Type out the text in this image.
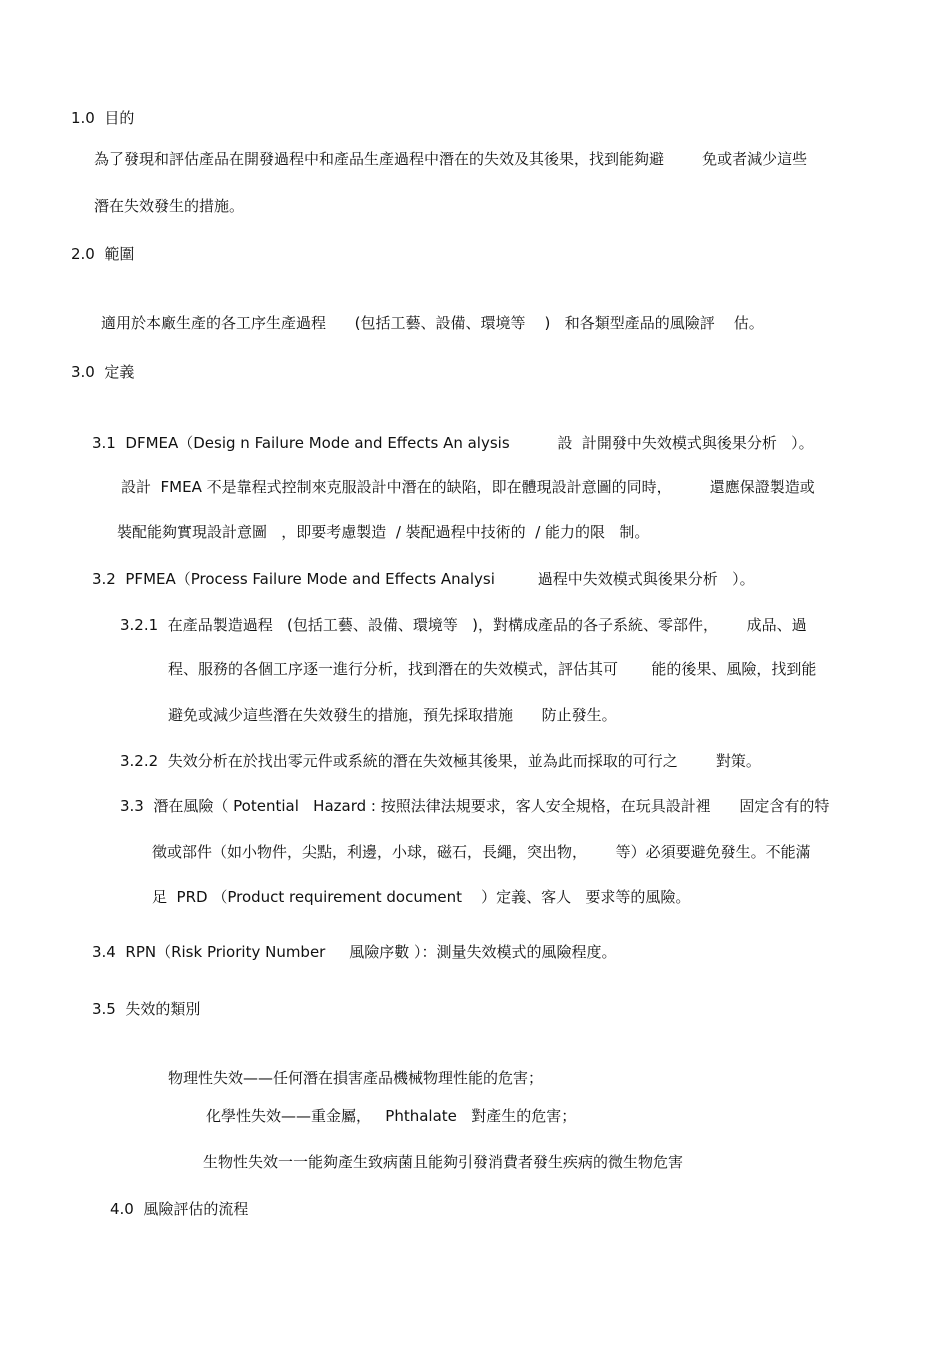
1.0  目的
為了發現和評估產品在開發過程中和產品生產過程中潛在的失效及其後果，找到能夠避        免或者減少這些
潛在失效發生的措施。
2.0  範圍
適用於本廠生產的各工序生產過程      (包括工藝、設備、環境等    )   和各類型產品的風險評    估。
3.0  定義
3.1  DFMEA（Desig n Failure Mode and Effects An alysis          設  計開發中失效模式與後果分析   ）。
設計  FMEA 不是靠程式控制來克服設計中潛在的缺陷，即在體現設計意圖的同時，        還應保證製造或
裝配能夠實現設計意圖   ，即要考慮製造  / 裝配過程中技術的  / 能力的限   制。
3.2  PFMEA（Process Failure Mode and Effects Analysi         過程中失效模式與後果分析   ）。
3.2.1  在產品製造過程   (包括工藝、設備、環境等   )，對構成產品的各子系統、零部件，      成品、過
程、服務的各個工序逐一進行分析，找到潛在的失效模式，評估其可       能的後果、風險，找到能
避免或減少這些潛在失效發生的措施，預先採取措施      防止發生。
3.2.2  失效分析在於找出零元件或系統的潛在失效極其後果，並為此而採取的可行之        對策。
3.3  潛在風險（ Potential   Hazard : 按照法律法規要求，客人安全規格，在玩具設計裡      固定含有的特
徵或部件（如小物件，尖點，利邊，小球，磁石，長繩，突出物，      等）必須要避免發生。不能滿
足  PRD （Product requirement document    ）定義、客人   要求等的風險。
3.4  RPN（Risk Priority Number     風險序數 ）：測量失效模式的風險程度。
3.5  失效的類別
物理性失效——任何潛在損害產品機械物理性能的危害；
化學性失效——重金屬，   Phthalate   對產生的危害；
生物性失效一一能夠產生致病菌且能夠引發消費者發生疾病的微生物危害
4.0  風險評估的流程
